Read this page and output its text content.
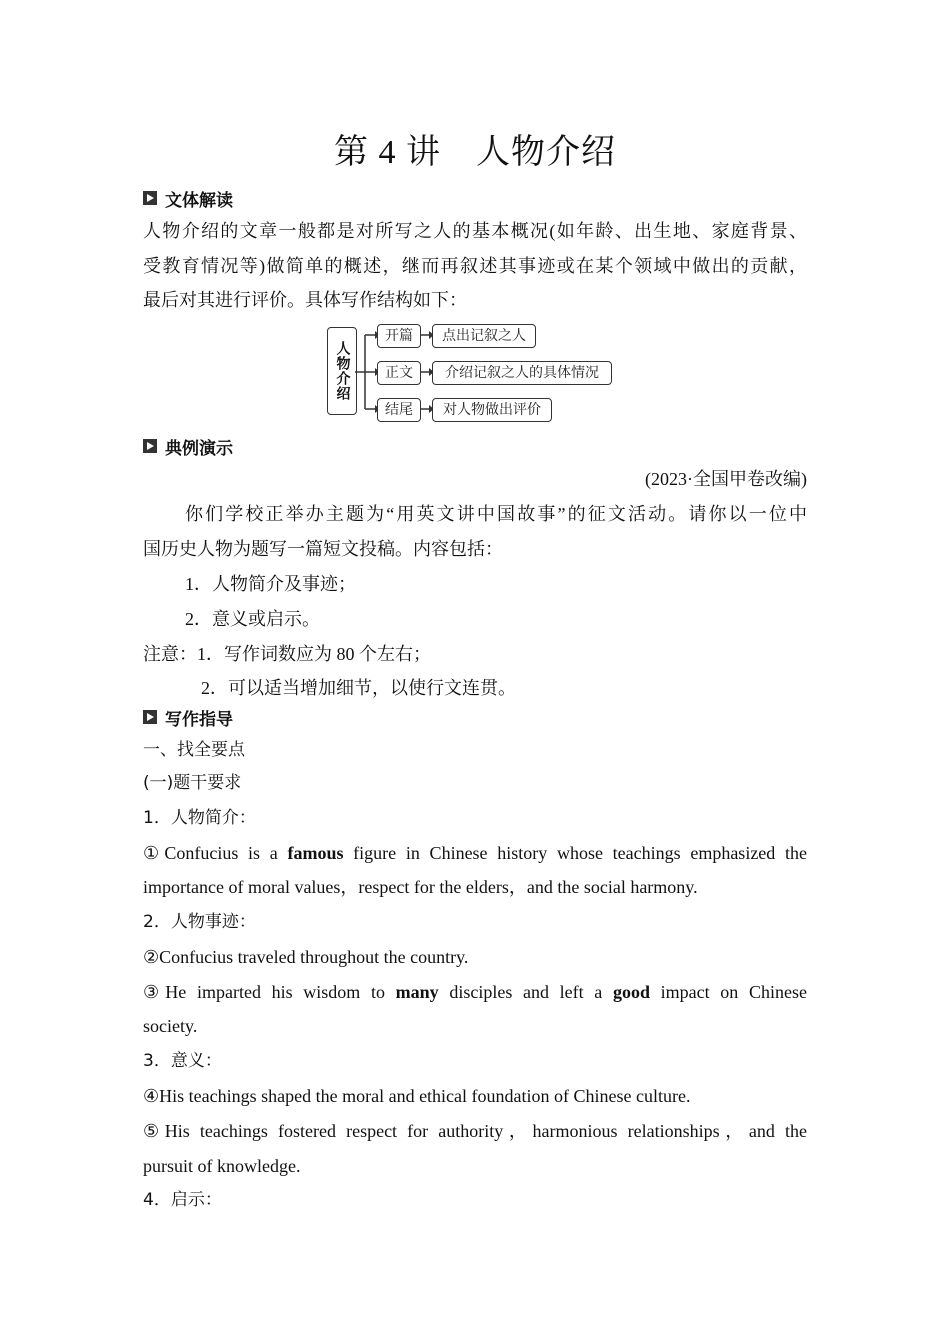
第 4 讲　人物介绍
文体解读
人物介绍的文章一般都是对所写之人的基本概况(如年龄、出生地、家庭背景、
受教育情况等)做简单的概述，继而再叙述其事迹或在某个领域中做出的贡献，
最后对其进行评价。具体写作结构如下：
人物介绍
开篇	点出记叙之人
正文	介绍记叙之人的具体情况
结尾	对人物做出评价
典例演示
(2023·全国甲卷改编)
你们学校正举办主题为“用英文讲中国故事”的征文活动。请你以一位中
国历史人物为题写一篇短文投稿。内容包括：
1．人物简介及事迹；
2．意义或启示。
注意：1．写作词数应为 80 个左右；
2．可以适当增加细节，以使行文连贯。
写作指导
一、找全要点
(一)题干要求
1．人物简介：
①Confucius is a famous figure in Chinese history whose teachings emphasized the
importance of moral values，respect for the elders，and the social harmony.
2．人物事迹：
②Confucius traveled throughout the country.
③He imparted his wisdom to many disciples and left a good impact on Chinese
society.
3．意义：
④His teachings shaped the moral and ethical foundation of Chinese culture.
⑤His teachings fostered respect for authority，harmonious relationships，and the
pursuit of knowledge.
4．启示：
